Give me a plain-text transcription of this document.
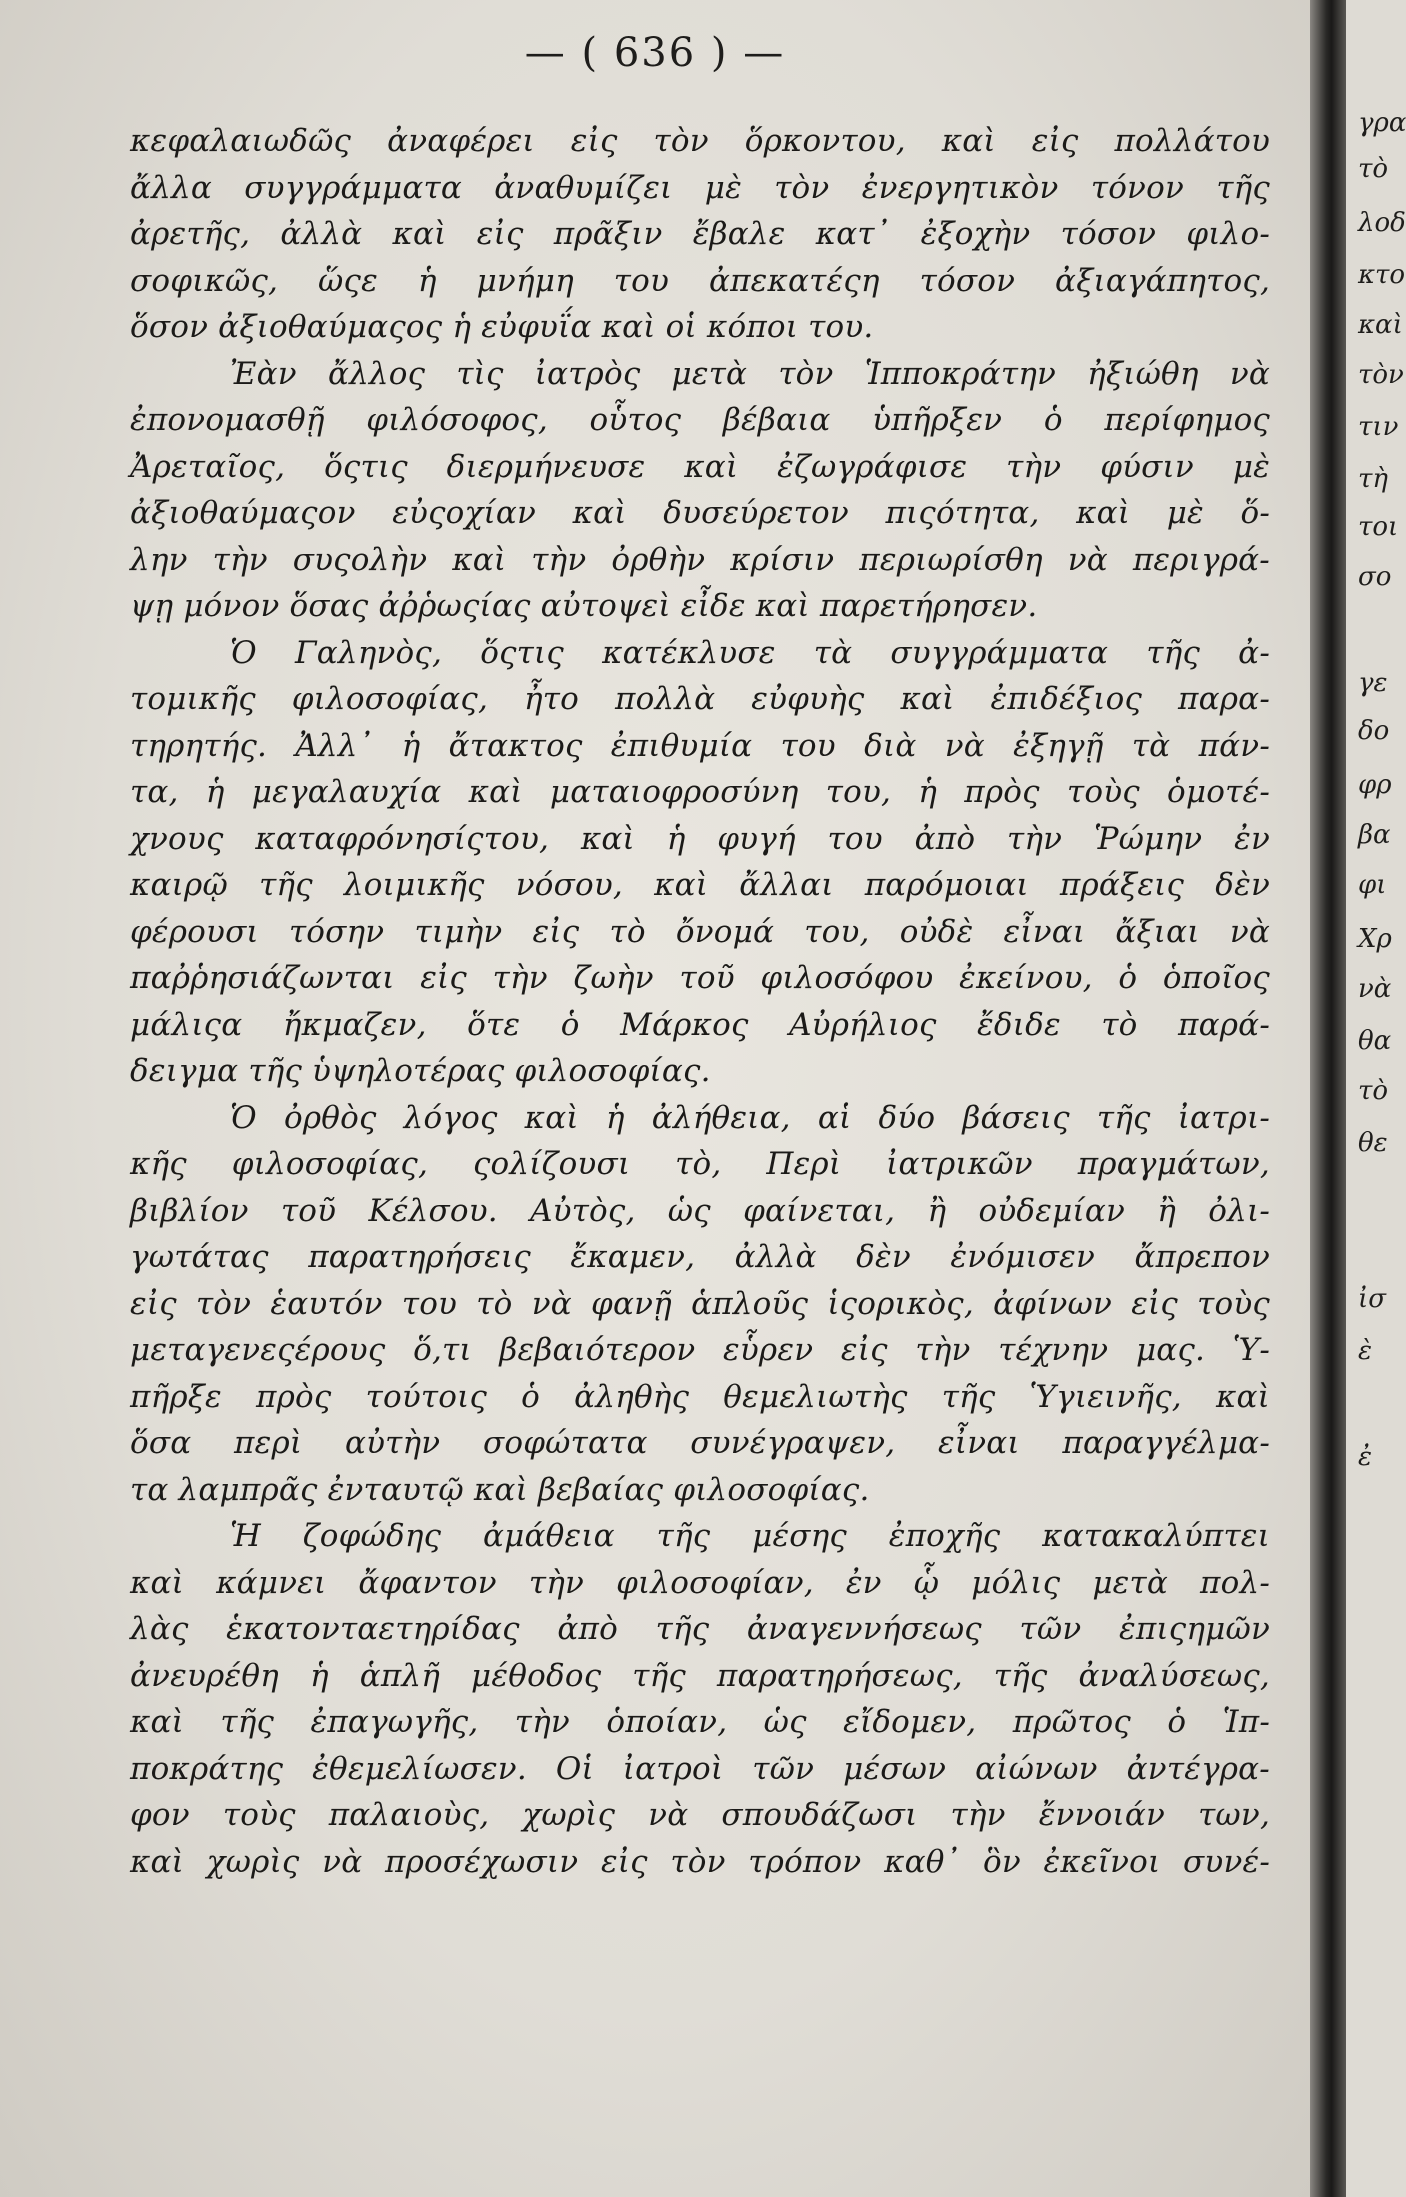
— ( 636 ) —

κεφαλαιωδῶς ἀναφέρει εἰς τὸν ὅρκοντου, καὶ εἰς πολλάτου
ἄλλα συγγράμματα ἀναθυμίζει μὲ τὸν ἐνεργητικὸν τόνον τῆς
ἀρετῆς, ἀλλὰ καὶ εἰς πρᾶξιν ἔβαλε κατ᾽ ἐξοχὴν τόσον φιλο-
σοφικῶς, ὥςε ἡ μνήμη του ἀπεκατέςη τόσον ἀξιαγάπητος,
ὅσον ἀξιοθαύμαςος ἡ εὐφυΐα καὶ οἱ κόποι του.
Ἐὰν ἄλλος τὶς ἰατρὸς μετὰ τὸν Ἱπποκράτην ἠξιώθη νὰ
ἐπονομασθῇ φιλόσοφος, οὗτος βέβαια ὑπῆρξεν ὁ περίφημος
Ἀρεταῖος, ὅςτις διερμήνευσε καὶ ἐζωγράφισε τὴν φύσιν μὲ
ἀξιοθαύμαςον εὐςοχίαν καὶ δυσεύρετον πιςότητα, καὶ μὲ ὅ-
λην τὴν συςολὴν καὶ τὴν ὀρθὴν κρίσιν περιωρίσθη νὰ περιγρά-
ψῃ μόνον ὅσας ἀῤῥωςίας αὐτοψεὶ εἶδε καὶ παρετήρησεν.
Ὁ Γαληνὸς, ὅςτις κατέκλυσε τὰ συγγράμματα τῆς ἀ-
τομικῆς φιλοσοφίας, ἦτο πολλὰ εὐφυὴς καὶ ἐπιδέξιος παρα-
τηρητής. Ἀλλ᾽ ἡ ἄτακτος ἐπιθυμία του διὰ νὰ ἐξηγῇ τὰ πάν-
τα, ἡ μεγαλαυχία καὶ ματαιοφροσύνη του, ἡ πρὸς τοὺς ὁμοτέ-
χνους καταφρόνησίςτου, καὶ ἡ φυγή του ἀπὸ τὴν Ῥώμην ἐν
καιρῷ τῆς λοιμικῆς νόσου, καὶ ἄλλαι παρόμοιαι πράξεις δὲν
φέρουσι τόσην τιμὴν εἰς τὸ ὄνομά του, οὐδὲ εἶναι ἄξιαι νὰ
παῤῥησιάζωνται εἰς τὴν ζωὴν τοῦ φιλοσόφου ἐκείνου, ὁ ὁποῖος
μάλιςα ἤκμαζεν, ὅτε ὁ Μάρκος Αὐρήλιος ἔδιδε τὸ παρά-
δειγμα τῆς ὑψηλοτέρας φιλοσοφίας.
Ὁ ὀρθὸς λόγος καὶ ἡ ἀλήθεια, αἱ δύο βάσεις τῆς ἰατρι-
κῆς φιλοσοφίας, ςολίζουσι τὸ, Περὶ ἰατρικῶν πραγμάτων,
βιβλίον τοῦ Κέλσου. Αὐτὸς, ὡς φαίνεται, ἢ οὐδεμίαν ἢ ὀλι-
γωτάτας παρατηρήσεις ἔκαμεν, ἀλλὰ δὲν ἐνόμισεν ἄπρεπον
εἰς τὸν ἑαυτόν του τὸ νὰ φανῇ ἁπλοῦς ἱςορικὸς, ἀφίνων εἰς τοὺς
μεταγενεςέρους ὅ,τι βεβαιότερον εὗρεν εἰς τὴν τέχνην μας. Ὑ-
πῆρξε πρὸς τούτοις ὁ ἀληθὴς θεμελιωτὴς τῆς Ὑγιεινῆς, καὶ
ὅσα περὶ αὐτὴν σοφώτατα συνέγραψεν, εἶναι παραγγέλμα-
τα λαμπρᾶς ἐνταυτῷ καὶ βεβαίας φιλοσοφίας.
Ἡ ζοφώδης ἀμάθεια τῆς μέσης ἐποχῆς κατακαλύπτει
καὶ κάμνει ἄφαντον τὴν φιλοσοφίαν, ἐν ᾧ μόλις μετὰ πολ-
λὰς ἑκατονταετηρίδας ἀπὸ τῆς ἀναγεννήσεως τῶν ἐπιςημῶν
ἀνευρέθη ἡ ἁπλῆ μέθοδος τῆς παρατηρήσεως, τῆς ἀναλύσεως,
καὶ τῆς ἐπαγωγῆς, τὴν ὁποίαν, ὡς εἴδομεν, πρῶτος ὁ Ἱπ-
ποκράτης ἐθεμελίωσεν. Οἱ ἰατροὶ τῶν μέσων αἰώνων ἀντέγρα-
φον τοὺς παλαιοὺς, χωρὶς νὰ σπουδάζωσι τὴν ἔννοιάν των,
καὶ χωρὶς νὰ προσέχωσιν εἰς τὸν τρόπον καθ᾽ ὃν ἐκεῖνοι συνέ-

γρα

τὸ

λοδ

κτο

καὶ

τὸν

τιν

τὴ

τοι

σο

γε

δο

φρ

βα

φι

Χρ

νὰ

θα

τὸ

θε

ἰσ

ὲ

ἐ
